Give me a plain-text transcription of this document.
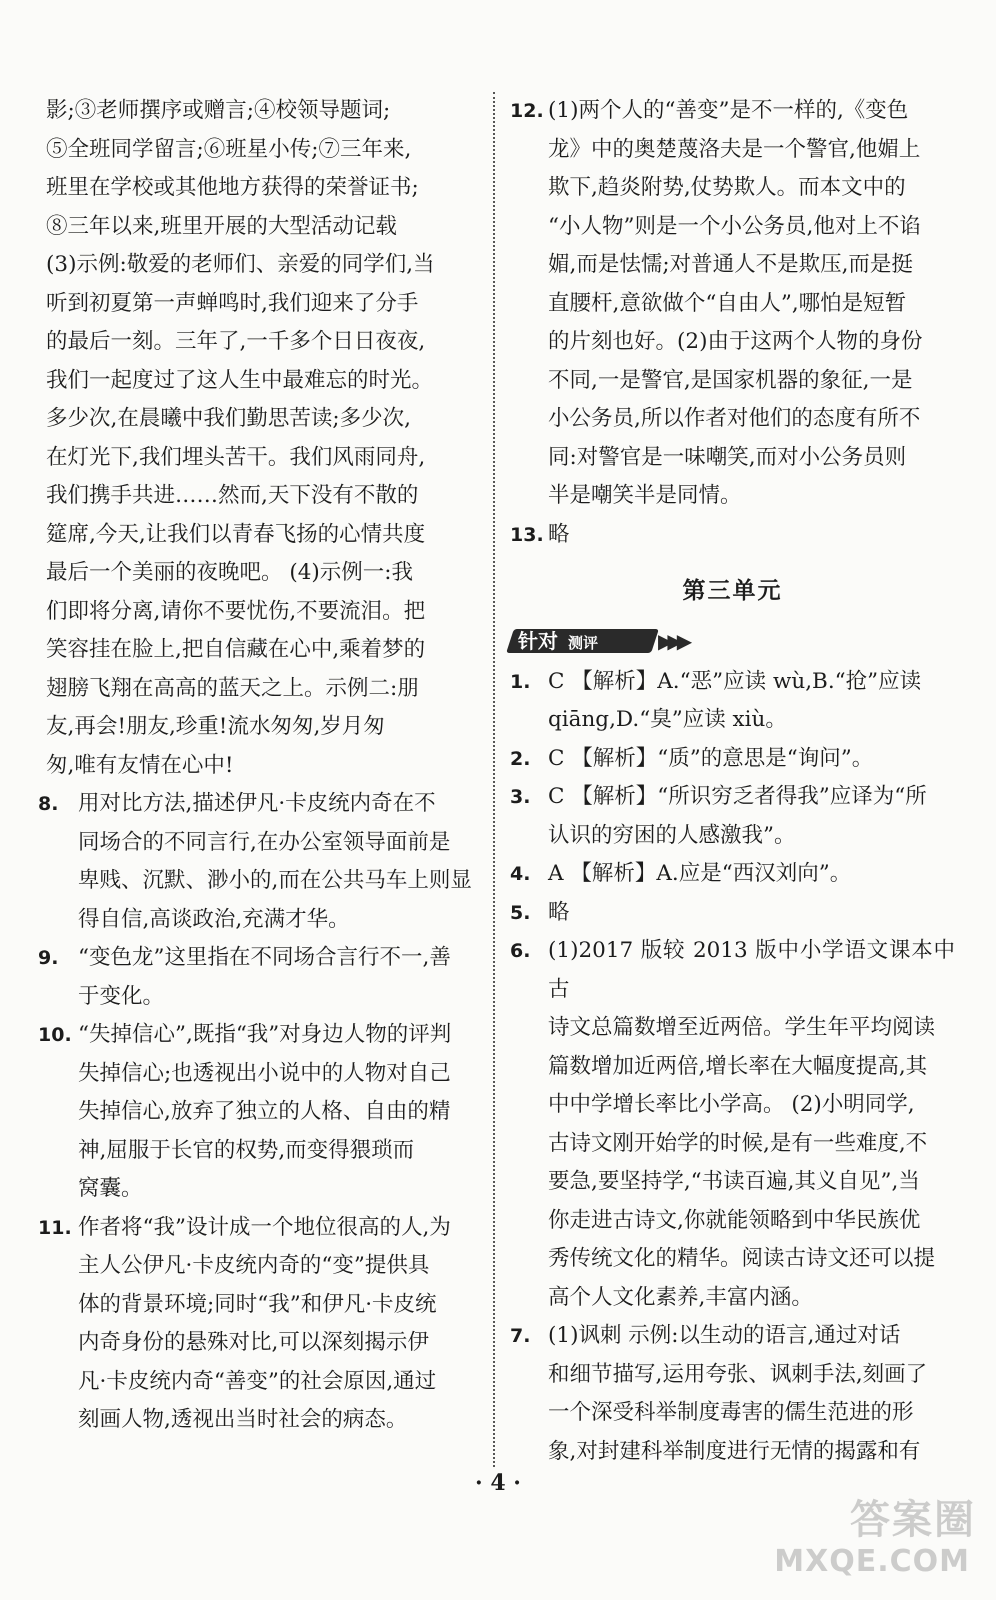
影;③老师撰序或赠言;④校领导题词;
⑤全班同学留言;⑥班星小传;⑦三年来,
班里在学校或其他地方获得的荣誉证书;
⑧三年以来,班里开展的大型活动记载
(3)示例:敬爱的老师们、亲爱的同学们,当
听到初夏第一声蝉鸣时,我们迎来了分手
的最后一刻。三年了,一千多个日日夜夜,
我们一起度过了这人生中最难忘的时光。
多少次,在晨曦中我们勤思苦读;多少次,
在灯光下,我们埋头苦干。我们风雨同舟,
我们携手共进……然而,天下没有不散的
筵席,今天,让我们以青春飞扬的心情共度
最后一个美丽的夜晚吧。 (4)示例一:我
们即将分离,请你不要忧伤,不要流泪。把
笑容挂在脸上,把自信藏在心中,乘着梦的
翅膀飞翔在高高的蓝天之上。示例二:朋
友,再会!朋友,珍重!流水匆匆,岁月匆
匆,唯有友情在心中!
8. 用对比方法,描述伊凡·卡皮统内奇在不
同场合的不同言行,在办公室领导面前是
卑贱、沉默、渺小的,而在公共马车上则显
得自信,高谈政治,充满才华。
9. “变色龙”这里指在不同场合言行不一,善
于变化。
10. “失掉信心”,既指“我”对身边人物的评判
失掉信心;也透视出小说中的人物对自己
失掉信心,放弃了独立的人格、自由的精
神,屈服于长官的权势,而变得猥琐而
窝囊。
11. 作者将“我”设计成一个地位很高的人,为
主人公伊凡·卡皮统内奇的“变”提供具
体的背景环境;同时“我”和伊凡·卡皮统
内奇身份的悬殊对比,可以深刻揭示伊
凡·卡皮统内奇“善变”的社会原因,通过
刻画人物,透视出当时社会的病态。
12. (1)两个人的“善变”是不一样的,《变色
龙》中的奥楚蔑洛夫是一个警官,他媚上
欺下,趋炎附势,仗势欺人。而本文中的
“小人物”则是一个小公务员,他对上不谄
媚,而是怯懦;对普通人不是欺压,而是挺
直腰杆,意欲做个“自由人”,哪怕是短暂
的片刻也好。(2)由于这两个人物的身份
不同,一是警官,是国家机器的象征,一是
小公务员,所以作者对他们的态度有所不
同:对警官是一味嘲笑,而对小公务员则
半是嘲笑半是同情。
13. 略
第三单元
针对 测评	▶▶▶
1. C 【解析】A.“恶”应读 wù,B.“抢”应读
qiāng,D.“臭”应读 xiù。
2. C 【解析】“质”的意思是“询问”。
3. C 【解析】“所识穷乏者得我”应译为“所
认识的穷困的人感激我”。
4. A 【解析】A.应是“西汉刘向”。
5. 略
6. (1)2017 版较 2013 版中小学语文课本中古
诗文总篇数增至近两倍。学生年平均阅读
篇数增加近两倍,增长率在大幅度提高,其
中中学增长率比小学高。 (2)小明同学,
古诗文刚开始学的时候,是有一些难度,不
要急,要坚持学,“书读百遍,其义自见”,当
你走进古诗文,你就能领略到中华民族优
秀传统文化的精华。阅读古诗文还可以提
高个人文化素养,丰富内涵。
7. (1)讽刺 示例:以生动的语言,通过对话
和细节描写,运用夸张、讽刺手法,刻画了
一个深受科举制度毒害的儒生范进的形
象,对封建科举制度进行无情的揭露和有
· 4 ·
答案圈
MXQE.COM
